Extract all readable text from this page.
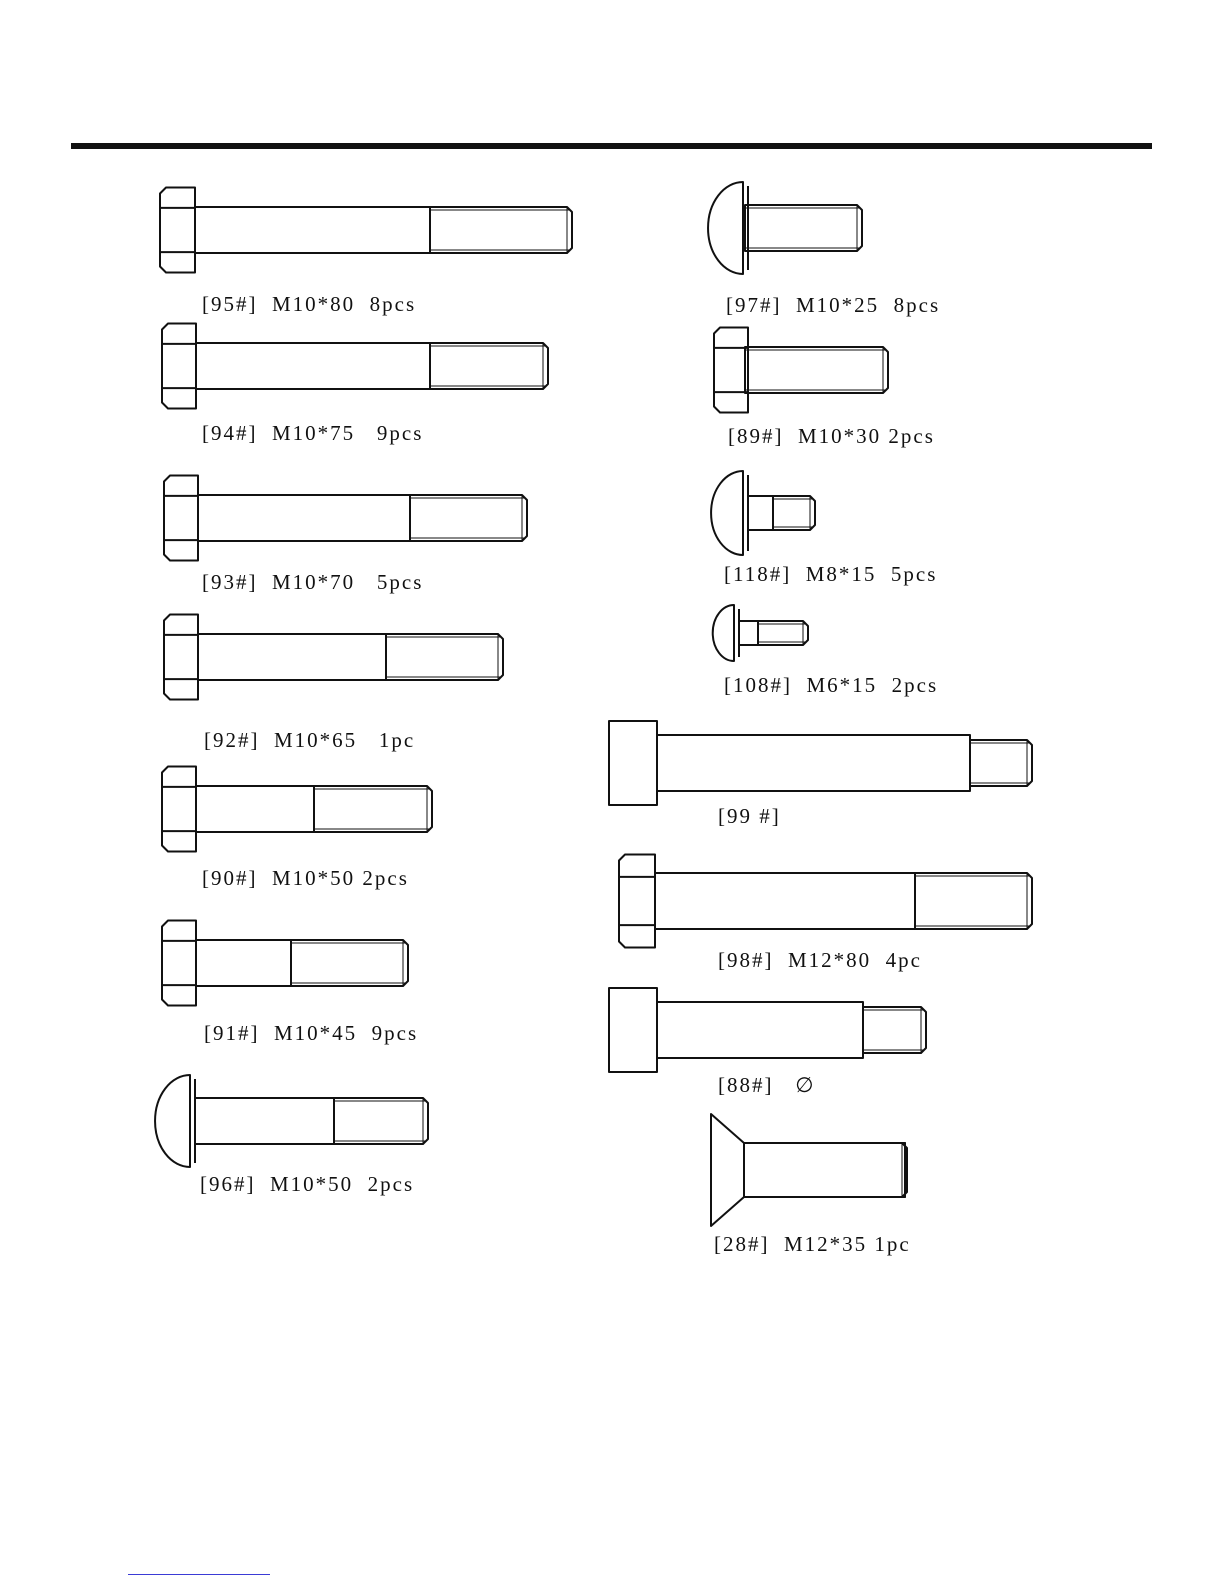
[95#]  M10*80  8pcs
[94#]  M10*75   9pcs
[93#]  M10*70   5pcs
[92#]  M10*65   1pc
[90#]  M10*50 2pcs
[91#]  M10*45  9pcs
[96#]  M10*50  2pcs
[97#]  M10*25  8pcs
[89#]  M10*30 2pcs
[118#]  M8*15  5pcs
[108#]  M6*15  2pcs
[99 #]
[98#]  M12*80  4pc
[88#]   ∅
[28#]  M12*35 1pc
